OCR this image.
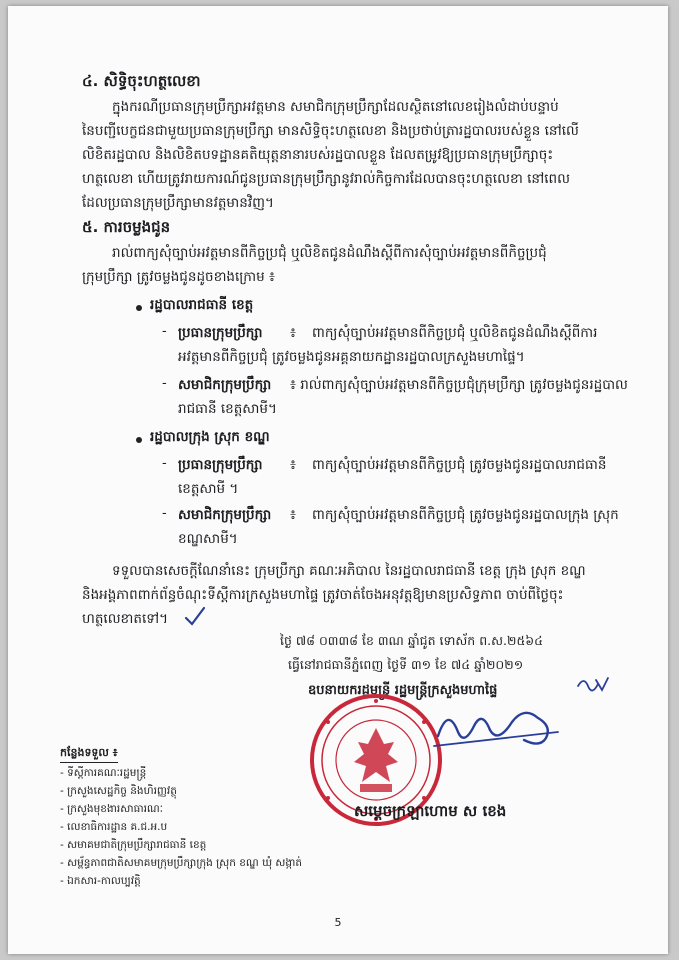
៤. សិទ្ធិចុះហត្ថលេខា
ក្នុងករណីប្រធានក្រុមប្រឹក្សាអវត្តមាន សមាជិកក្រុមប្រឹក្សាដែលស្ថិតនៅលេខរៀងលំដាប់បន្ទាប់
នៃបញ្ជីបេក្ខជនជាមួយប្រធានក្រុមប្រឹក្សា មានសិទ្ធិចុះហត្ថលេខា និងប្រថាប់ត្រារដ្ឋបាលរបស់ខ្លួន នៅលើ
លិខិតរដ្ឋបាល និងលិខិតបទដ្ឋានគតិយុត្តនានារបស់រដ្ឋបាលខ្លួន ដែលតម្រូវឱ្យប្រធានក្រុមប្រឹក្សាចុះ
ហត្ថលេខា ហើយត្រូវរាយការណ៍ជូនប្រធានក្រុមប្រឹក្សានូវរាល់កិច្ចការដែលបានចុះហត្ថលេខា នៅពេល
ដែលប្រធានក្រុមប្រឹក្សាមានវត្តមានវិញ។
៥. ការចម្លងជូន
រាល់ពាក្យសុំច្បាប់អវត្តមានពីកិច្ចប្រជុំ ឬលិខិតជូនដំណឹងស្តីពីការសុំច្បាប់អវត្តមានពីកិច្ចប្រជុំ
ក្រុមប្រឹក្សា ត្រូវចម្លងជូនដូចខាងក្រោម ៖
រដ្ឋបាលរាជធានី ខេត្ត
- ប្រធានក្រុមប្រឹក្សា ៖ ពាក្យសុំច្បាប់អវត្តមានពីកិច្ចប្រជុំ ឬលិខិតជូនដំណឹងស្តីពីការ
អវត្តមានពីកិច្ចប្រជុំ ត្រូវចម្លងជូនអគ្គនាយកដ្ឋានរដ្ឋបាលក្រសួងមហាផ្ទៃ។
- សមាជិកក្រុមប្រឹក្សា ៖ រាល់ពាក្យសុំច្បាប់អវត្តមានពីកិច្ចប្រជុំក្រុមប្រឹក្សា ត្រូវចម្លងជូនរដ្ឋបាល
រាជធានី ខេត្តសាមី។
រដ្ឋបាលក្រុង ស្រុក ខណ្ឌ
- ប្រធានក្រុមប្រឹក្សា ៖ ពាក្យសុំច្បាប់អវត្តមានពីកិច្ចប្រជុំ ត្រូវចម្លងជូនរដ្ឋបាលរាជធានី
ខេត្តសាមី ។
- សមាជិកក្រុមប្រឹក្សា ៖ ពាក្យសុំច្បាប់អវត្តមានពីកិច្ចប្រជុំ ត្រូវចម្លងជូនរដ្ឋបាលក្រុង ស្រុក
ខណ្ឌសាមី។
ទទួលបានសេចក្តីណែនាំនេះ ក្រុមប្រឹក្សា គណៈអភិបាល នៃរដ្ឋបាលរាជធានី ខេត្ត ក្រុង ស្រុក ខណ្ឌ
និងអង្គភាពពាក់ព័ន្ធចំណុះទីស្តីការក្រសួងមហាផ្ទៃ ត្រូវចាត់ចែងអនុវត្តឱ្យមានប្រសិទ្ធភាព ចាប់ពីថ្ងៃចុះ
ហត្ថលេខាតទៅ។
ថ្ងៃ ៧៨ ០៣៣៨ ខែ ៣ណ ឆ្នាំជូត ទោស័ក ព.ស.២៥៦៤
ធ្វើនៅរាជធានីភ្នំពេញ ថ្ងៃទី ៣១ ខែ ៧៤ ឆ្នាំ២០២១
ឧបនាយករដ្ឋមន្ត្រី រដ្ឋមន្ត្រីក្រសួងមហាផ្ទៃ
សម្តេចក្រឡាហោម ស ខេង
កន្លែងទទួល ៖
- ទីស្តីការគណៈរដ្ឋមន្ត្រី
- ក្រសួងសេដ្ឋកិច្ច និងហិរញ្ញវត្ថុ
- ក្រសួងមុខងារសាធារណៈ
- លេខាធិការដ្ឋាន គ.ជ.អ.ប
- សមាគមជាតិក្រុមប្រឹក្សារាជធានី ខេត្ត
- សម្ព័ន្ធភាពជាតិសមាគមក្រុមប្រឹក្សាក្រុង ស្រុក ខណ្ឌ ឃុំ សង្កាត់
- ឯកសារ-កាលប្បវត្តិ
5
